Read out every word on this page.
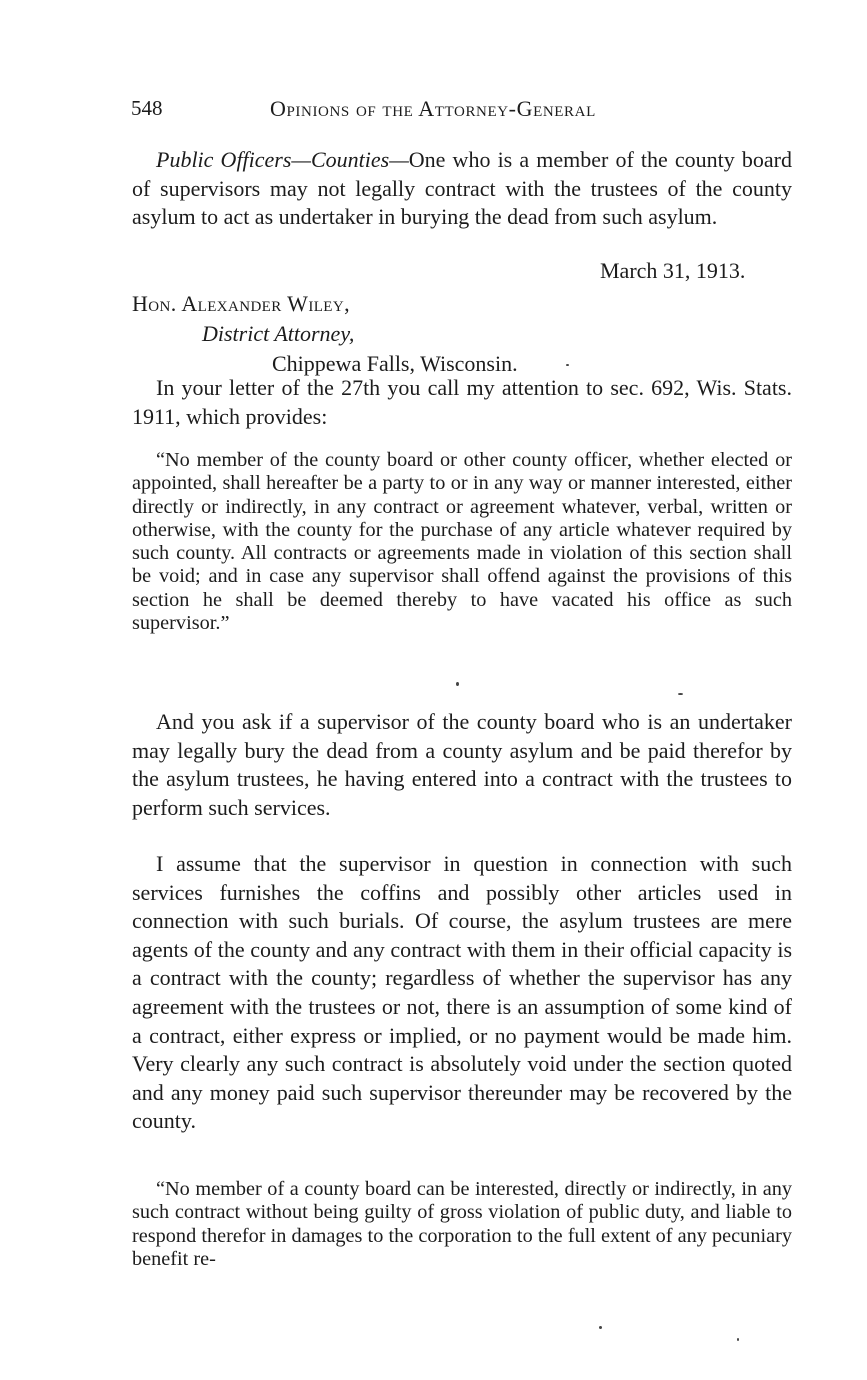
548	Opinions of the Attorney-General

Public Officers—Counties—One who is a member of the county board of supervisors may not legally contract with the trustees of the county asylum to act as undertaker in burying the dead from such asylum.

March 31, 1913.
Hon. Alexander Wiley,
District Attorney,
Chippewa Falls, Wisconsin.

In your letter of the 27th you call my attention to sec. 692, Wis. Stats. 1911, which provides:

“No member of the county board or other county officer, whether elected or appointed, shall hereafter be a party to or in any way or manner interested, either directly or indirectly, in any contract or agreement whatever, verbal, written or otherwise, with the county for the purchase of any article whatever required by such county. All contracts or agreements made in violation of this section shall be void; and in case any supervisor shall offend against the provisions of this section he shall be deemed thereby to have vacated his office as such supervisor.”

And you ask if a supervisor of the county board who is an undertaker may legally bury the dead from a county asylum and be paid therefor by the asylum trustees, he having entered into a contract with the trustees to perform such services.

I assume that the supervisor in question in connection with such services furnishes the coffins and possibly other articles used in connection with such burials. Of course, the asylum trustees are mere agents of the county and any contract with them in their official capacity is a contract with the county; regardless of whether the supervisor has any agreement with the trustees or not, there is an assumption of some kind of a contract, either express or implied, or no payment would be made him. Very clearly any such contract is absolutely void under the section quoted and any money paid such supervisor thereunder may be recovered by the county.

“No member of a county board can be interested, directly or indirectly, in any such contract without being guilty of gross violation of public duty, and liable to respond therefor in damages to the corporation to the full extent of any pecuniary benefit re-
